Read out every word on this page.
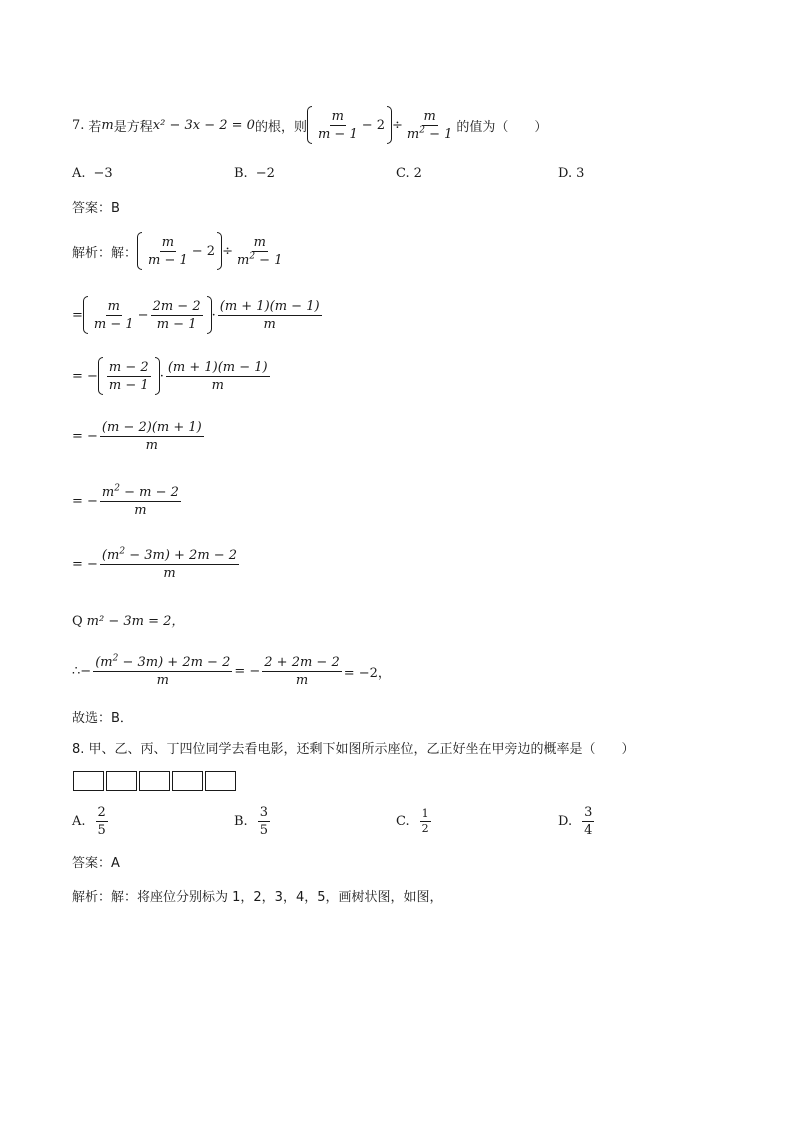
7. 若 m 是方程 x² − 3x − 2 = 0 的根，则 $\frac{m}{m - 1} - 2 \div \frac{m}{m^2 - 1}$ 的值为（　　）
A. −3	B. −2	C. 2	D. 3
答案：B
解析：解： $\frac{m}{m - 1} - 2 \div \frac{m}{m^2 - 1}$
= $\frac{m}{m - 1} - \frac{2m - 2}{m - 1} \cdot \frac{(m + 1)(m - 1)}{m}$
= − $\frac{m - 2}{m - 1} \cdot \frac{(m + 1)(m - 1)}{m}$
= − $\frac{(m - 2)(m + 1)}{m}$
= − $\frac{m^2 - m - 2}{m}$
= − $\frac{(m^2 - 3m) + 2m - 2}{m}$
Q m² − 3m = 2，
∴ − $\frac{(m^2 - 3m) + 2m - 2}{m}$ = − $\frac{2 + 2m - 2}{m} = -2$，
故选：B．
8. 甲、乙、丙、丁四位同学去看电影，还剩下如图所示座位，乙正好坐在甲旁边的概率是（　　）
A. $\frac{2}{5}$	B. $\frac{3}{5}$	C. $\frac{1}{2}$	D. $\frac{3}{4}$
答案：A
解析：解：将座位分别标为 1，2，3，4，5，画树状图，如图，
